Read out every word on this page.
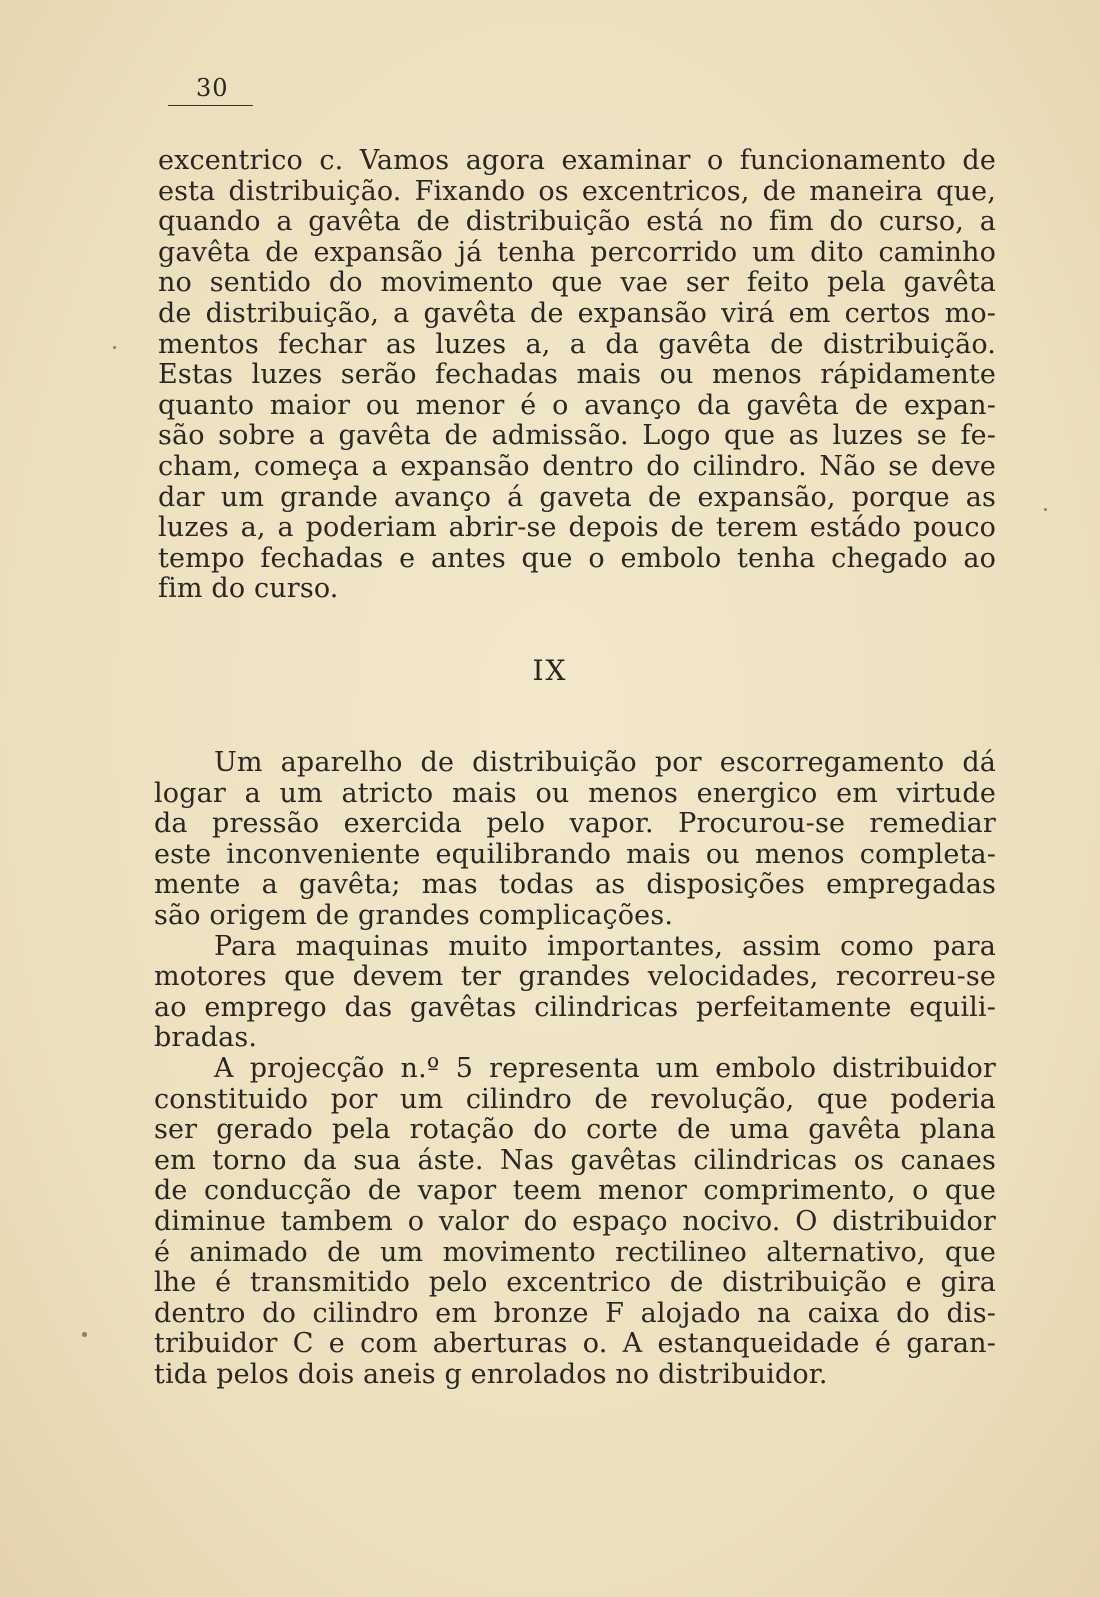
30
excentrico c. Vamos agora examinar o funcionamento de
esta distribuição. Fixando os excentricos, de maneira que,
quando a gavêta de distribuição está no fim do curso, a
gavêta de expansão já tenha percorrido um dito caminho
no sentido do movimento que vae ser feito pela gavêta
de distribuição, a gavêta de expansão virá em certos mo-
mentos fechar as luzes a, a da gavêta de distribuição.
Estas luzes serão fechadas mais ou menos rápidamente
quanto maior ou menor é o avanço da gavêta de expan-
são sobre a gavêta de admissão. Logo que as luzes se fe-
cham, começa a expansão dentro do cilindro. Não se deve
dar um grande avanço á gaveta de expansão, porque as
luzes a, a poderiam abrir-se depois de terem estádo pouco
tempo fechadas e antes que o embolo tenha chegado ao
fim do curso.
IX
Um aparelho de distribuição por escorregamento dá
logar a um atricto mais ou menos energico em virtude
da pressão exercida pelo vapor. Procurou-se remediar
este inconveniente equilibrando mais ou menos completa-
mente a gavêta; mas todas as disposições empregadas
são origem de grandes complicações.
Para maquinas muito importantes, assim como para
motores que devem ter grandes velocidades, recorreu-se
ao emprego das gavêtas cilindricas perfeitamente equili-
bradas.
A projecção n.º 5 representa um embolo distribuidor
constituido por um cilindro de revolução, que poderia
ser gerado pela rotação do corte de uma gavêta plana
em torno da sua áste. Nas gavêtas cilindricas os canaes
de conducção de vapor teem menor comprimento, o que
diminue tambem o valor do espaço nocivo. O distribuidor
é animado de um movimento rectilineo alternativo, que
lhe é transmitido pelo excentrico de distribuição e gira
dentro do cilindro em bronze F alojado na caixa do dis-
tribuidor C e com aberturas o. A estanqueidade é garan-
tida pelos dois aneis g enrolados no distribuidor.
